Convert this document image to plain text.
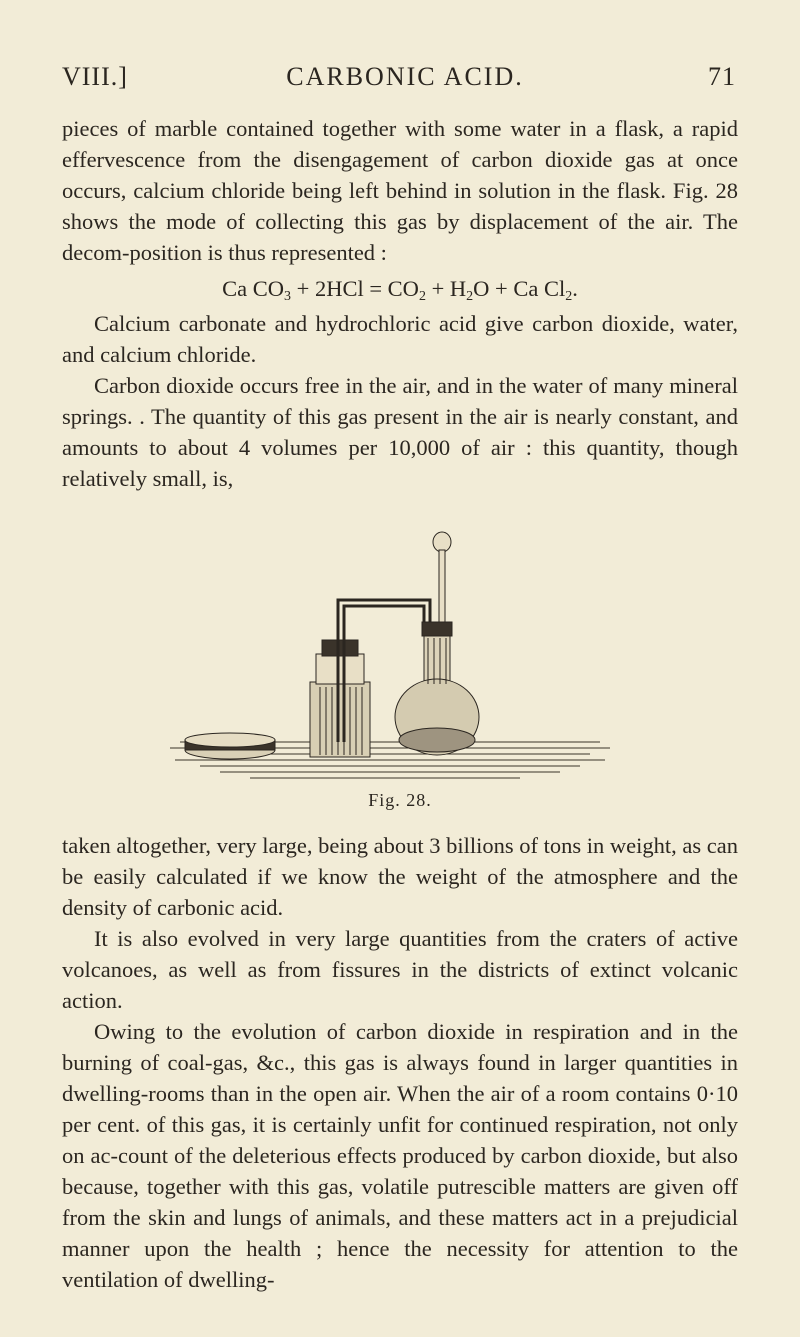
VIII.]	CARBONIC ACID.	71

pieces of marble contained together with some water in a flask, a rapid effervescence from the disengagement of carbon dioxide gas at once occurs, calcium chloride being left behind in solution in the flask. Fig. 28 shows the mode of collecting this gas by displacement of the air. The decom-position is thus represented :

Ca $CO_3 + 2HCl = CO_2 + H_2O + Ca$ $Cl_2$.

Calcium carbonate and hydrochloric acid give carbon dioxide, water, and calcium chloride.

Carbon dioxide occurs free in the air, and in the water of many mineral springs. . The quantity of this gas present in the air is nearly constant, and amounts to about 4 volumes per 10,000 of air : this quantity, though relatively small, is,

Fig. 28.

taken altogether, very large, being about 3 billions of tons in weight, as can be easily calculated if we know the weight of the atmosphere and the density of carbonic acid.

It is also evolved in very large quantities from the craters of active volcanoes, as well as from fissures in the districts of extinct volcanic action.

Owing to the evolution of carbon dioxide in respiration and in the burning of coal-gas, &c., this gas is always found in larger quantities in dwelling-rooms than in the open air. When the air of a room contains 0·10 per cent. of this gas, it is certainly unfit for continued respiration, not only on ac-count of the deleterious effects produced by carbon dioxide, but also because, together with this gas, volatile putrescible matters are given off from the skin and lungs of animals, and these matters act in a prejudicial manner upon the health ; hence the necessity for attention to the ventilation of dwelling-
